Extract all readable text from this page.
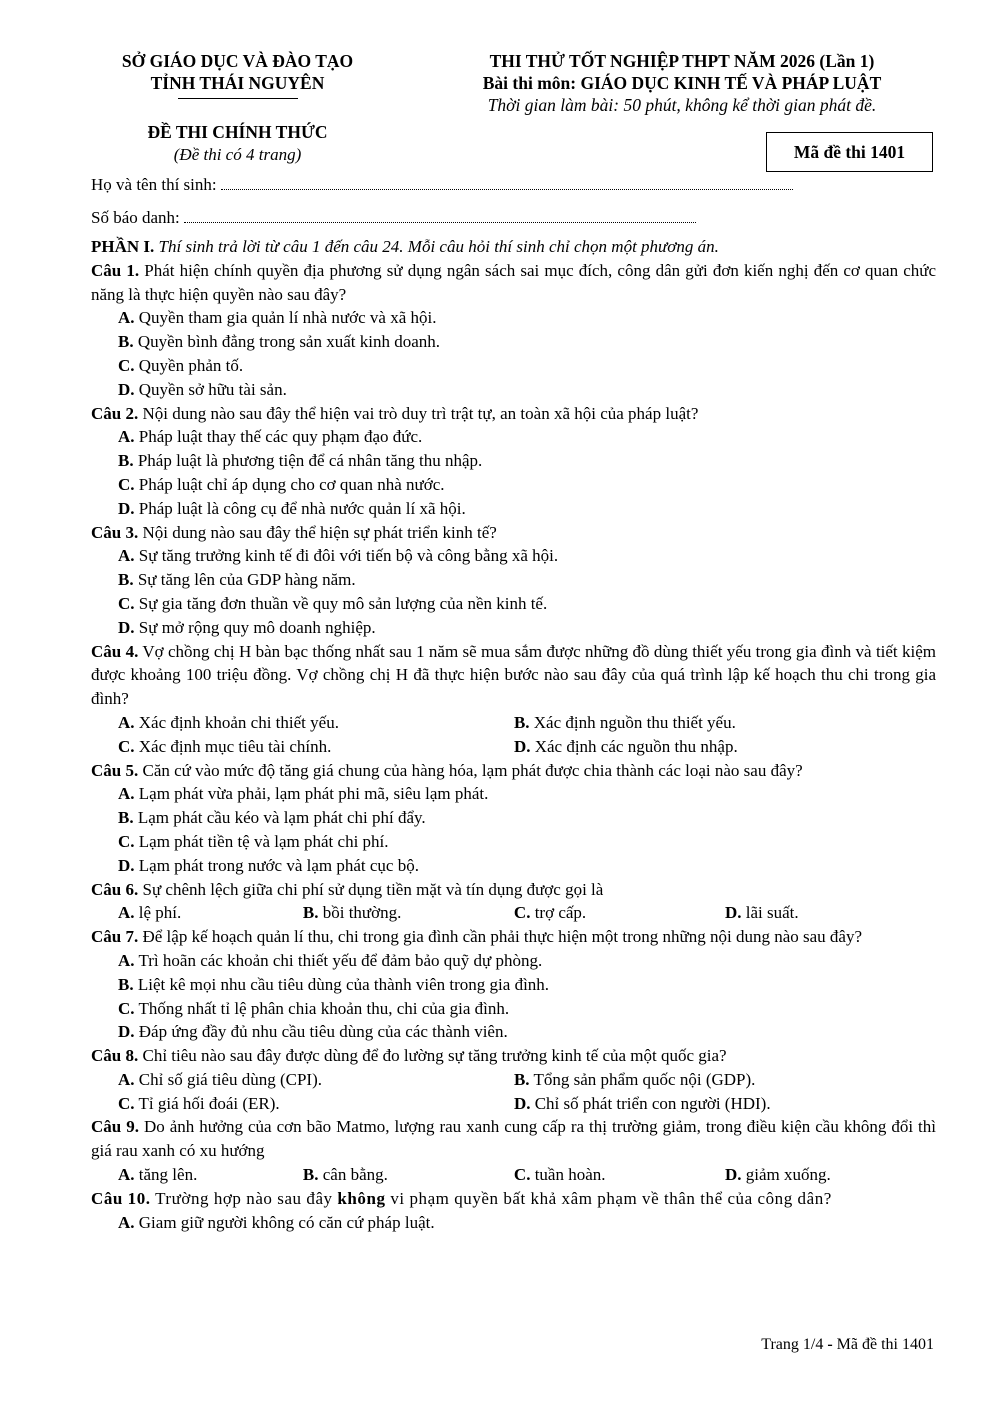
SỞ GIÁO DỤC VÀ ĐÀO TẠO
TỈNH THÁI NGUYÊN
ĐỀ THI CHÍNH THỨC
(Đề thi có 4 trang)
THI THỬ TỐT NGHIỆP THPT NĂM 2026 (Lần 1)
Bài thi môn: GIÁO DỤC KINH TẾ VÀ PHÁP LUẬT
Thời gian làm bài: 50 phút, không kể thời gian phát đề.
Mã đề thi 1401
Họ và tên thí sinh:
Số báo danh:
PHẦN I. Thí sinh trả lời từ câu 1 đến câu 24. Mỗi câu hỏi thí sinh chỉ chọn một phương án.
Câu 1. Phát hiện chính quyền địa phương sử dụng ngân sách sai mục đích, công dân gửi đơn kiến nghị đến cơ quan chức năng là thực hiện quyền nào sau đây?
A. Quyền tham gia quản lí nhà nước và xã hội.
B. Quyền bình đẳng trong sản xuất kinh doanh.
C. Quyền phản tố.
D. Quyền sở hữu tài sản.
Câu 2. Nội dung nào sau đây thể hiện vai trò duy trì trật tự, an toàn xã hội của pháp luật?
A. Pháp luật thay thế các quy phạm đạo đức.
B. Pháp luật là phương tiện để cá nhân tăng thu nhập.
C. Pháp luật chỉ áp dụng cho cơ quan nhà nước.
D. Pháp luật là công cụ để nhà nước quản lí xã hội.
Câu 3. Nội dung nào sau đây thể hiện sự phát triển kinh tế?
A. Sự tăng trưởng kinh tế đi đôi với tiến bộ và công bằng xã hội.
B. Sự tăng lên của GDP hàng năm.
C. Sự gia tăng đơn thuần về quy mô sản lượng của nền kinh tế.
D. Sự mở rộng quy mô doanh nghiệp.
Câu 4. Vợ chồng chị H bàn bạc thống nhất sau 1 năm sẽ mua sắm được những đồ dùng thiết yếu trong gia đình và tiết kiệm được khoảng 100 triệu đồng. Vợ chồng chị H đã thực hiện bước nào sau đây của quá trình lập kế hoạch thu chi trong gia đình?
A. Xác định khoản chi thiết yếu.	B. Xác định nguồn thu thiết yếu.
C. Xác định mục tiêu tài chính.	D. Xác định các nguồn thu nhập.
Câu 5. Căn cứ vào mức độ tăng giá chung của hàng hóa, lạm phát được chia thành các loại nào sau đây?
A. Lạm phát vừa phải, lạm phát phi mã, siêu lạm phát.
B. Lạm phát cầu kéo và lạm phát chi phí đẩy.
C. Lạm phát tiền tệ và lạm phát chi phí.
D. Lạm phát trong nước và lạm phát cục bộ.
Câu 6. Sự chênh lệch giữa chi phí sử dụng tiền mặt và tín dụng được gọi là
A. lệ phí.	B. bồi thường.	C. trợ cấp.	D. lãi suất.
Câu 7. Để lập kế hoạch quản lí thu, chi trong gia đình cần phải thực hiện một trong những nội dung nào sau đây?
A. Trì hoãn các khoản chi thiết yếu để đảm bảo quỹ dự phòng.
B. Liệt kê mọi nhu cầu tiêu dùng của thành viên trong gia đình.
C. Thống nhất tỉ lệ phân chia khoản thu, chi của gia đình.
D. Đáp ứng đầy đủ nhu cầu tiêu dùng của các thành viên.
Câu 8. Chỉ tiêu nào sau đây được dùng để đo lường sự tăng trưởng kinh tế của một quốc gia?
A. Chỉ số giá tiêu dùng (CPI).	B. Tổng sản phẩm quốc nội (GDP).
C. Tỉ giá hối đoái (ER).	D. Chỉ số phát triển con người (HDI).
Câu 9. Do ảnh hưởng của cơn bão Matmo, lượng rau xanh cung cấp ra thị trường giảm, trong điều kiện cầu không đổi thì giá rau xanh có xu hướng
A. tăng lên.	B. cân bằng.	C. tuần hoàn.	D. giảm xuống.
Câu 10. Trường hợp nào sau đây không vi phạm quyền bất khả xâm phạm về thân thể của công dân?
A. Giam giữ người không có căn cứ pháp luật.
Trang 1/4 - Mã đề thi 1401
